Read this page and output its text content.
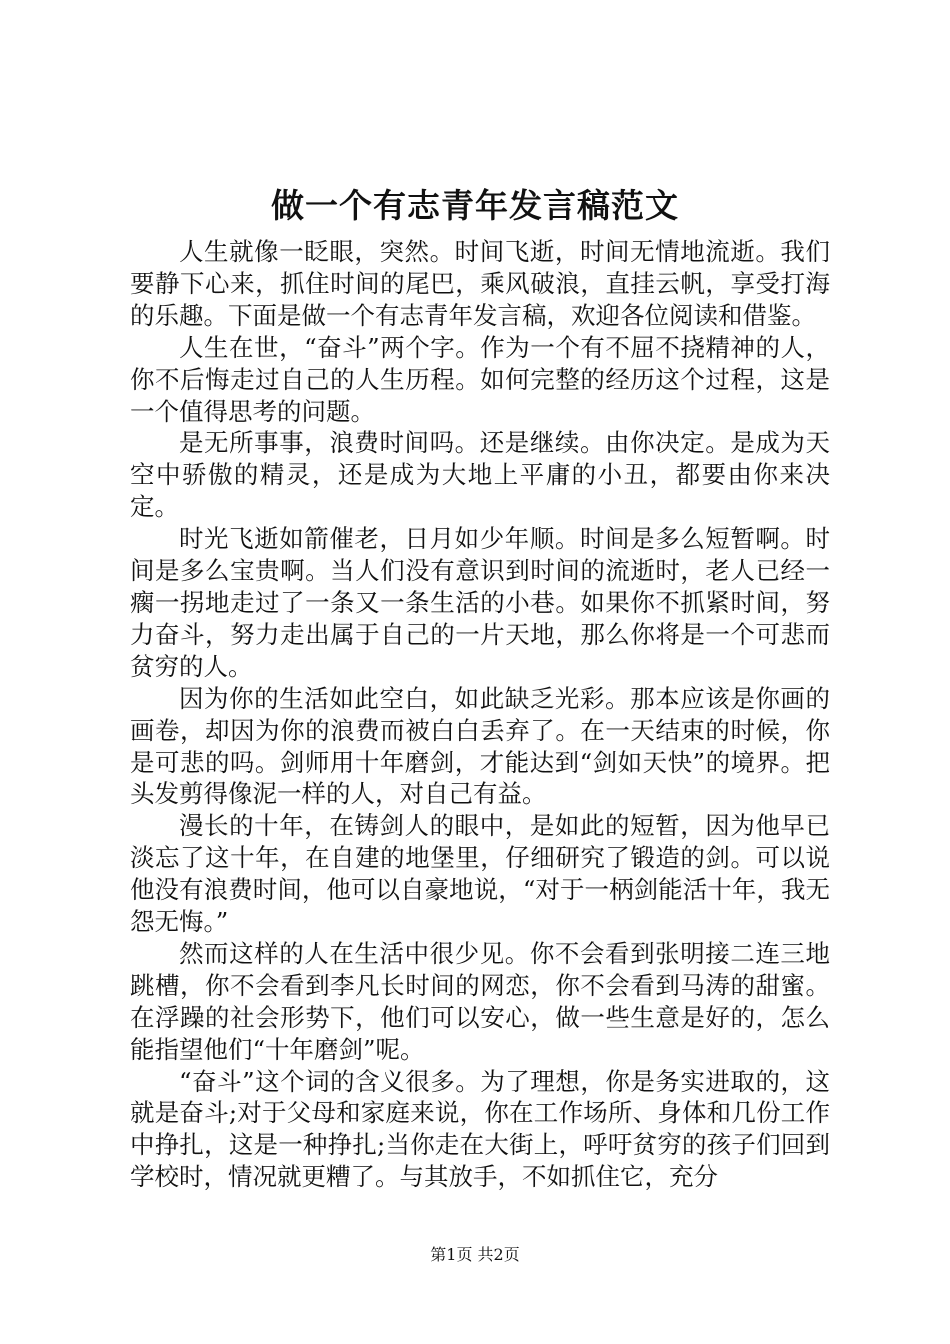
做一个有志青年发言稿范文

人生就像一眨眼，突然。时间飞逝，时间无情地流逝。我们要静下心来，抓住时间的尾巴，乘风破浪，直挂云帆，享受打海的乐趣。下面是做一个有志青年发言稿，欢迎各位阅读和借鉴。

人生在世，“奋斗”两个字。作为一个有不屈不挠精神的人，你不后悔走过自己的人生历程。如何完整的经历这个过程，这是一个值得思考的问题。

是无所事事，浪费时间吗。还是继续。由你决定。是成为天空中骄傲的精灵，还是成为大地上平庸的小丑，都要由你来决定。

时光飞逝如箭催老，日月如少年顺。时间是多么短暂啊。时间是多么宝贵啊。当人们没有意识到时间的流逝时，老人已经一瘸一拐地走过了一条又一条生活的小巷。如果你不抓紧时间，努力奋斗，努力走出属于自己的一片天地，那么你将是一个可悲而贫穷的人。

因为你的生活如此空白，如此缺乏光彩。那本应该是你画的画卷，却因为你的浪费而被白白丢弃了。在一天结束的时候，你是可悲的吗。剑师用十年磨剑，才能达到“剑如天快”的境界。把头发剪得像泥一样的人，对自己有益。

漫长的十年，在铸剑人的眼中，是如此的短暂，因为他早已淡忘了这十年，在自建的地堡里，仔细研究了锻造的剑。可以说他没有浪费时间，他可以自豪地说，“对于一柄剑能活十年，我无怨无悔。”

然而这样的人在生活中很少见。你不会看到张明接二连三地跳槽，你不会看到李凡长时间的网恋，你不会看到马涛的甜蜜。在浮躁的社会形势下，他们可以安心，做一些生意是好的，怎么能指望他们“十年磨剑”呢。

“奋斗”这个词的含义很多。为了理想，你是务实进取的，这就是奋斗;对于父母和家庭来说，你在工作场所、身体和几份工作中挣扎，这是一种挣扎;当你走在大街上，呼吁贫穷的孩子们回到学校时，情况就更糟了。与其放手，不如抓住它，充分

第1页 共2页
